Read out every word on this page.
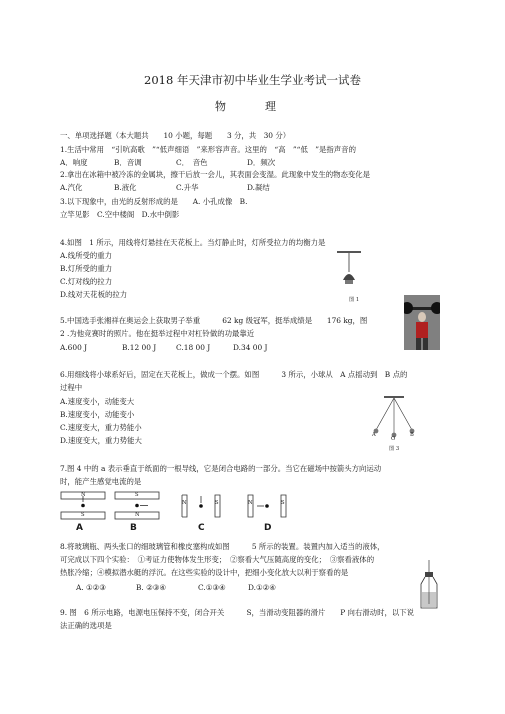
2018 年天津市初中毕业生学业考试一试卷
物　理
一、单项选择题（本大题共　　10 小题，每题　　3 分，共　30 分）
1.生活中常用　“引吭高歌　”“低声细语　”来形容声音。这里的　“高　”“低　”是指声音的
A．响度	B．音调	C．　音色	D．频次
2.拿出在冰箱中被冷冻的金属块，擦干后放一会儿，其表面会变湿。此现象中发生的物态变化是
A.汽化	B.液化	C.升华	D.凝结
3.以下现象中，由光的反射形成的是　　A. 小孔成像　B.
立竿见影　C.空中楼阁　D.水中倒影
4.如图　1 所示，用线将灯悬挂在天花板上。当灯静止时，灯所受拉力的均衡力是
A.线所受的重力
B.灯所受的重力
C.灯对线的拉力
D.线对天花板的拉力
图 1
5.中国选手张湘祥在奥运会上获取男子举重　　　62 kg 级冠军，挺举成绩是　　176 kg，图
2 .为他竞赛时的照片。他在挺举过程中对杠铃做的功最靠近
A.600 J	B.12 00 J	C.18 00 J	D.34 00 J
6.用细线将小球系好后，固定在天花板上，做成一个摆。如图　　　3 所示，小球从　A 点摇动到　B 点的
过程中
A.速度变小，动能变大
B.速度变小，动能变小
C.速度变大，重力势能小
D.速度变大，重力势能大
A
O
B
图 3
7.图 4 中的 a 表示垂直于纸面的一根导线，它是闭合电路的一部分。当它在磁场中按箭头方向运动
时，能产生感觉电流的是
N
S
S
N
N	S	N	S
A	B	C	D
8.将玻璃瓶、两头张口的细玻璃管和橡皮塞构成如图　　　5 所示的装置。装置内加入适当的液体，
可完成以下四个实验：　①考证力使物体发生形变；　②察看大气压随高度的变化；　③察看液体的
热胀冷缩；④模拟潜水艇的浮沉。在这些实验的设计中，把细小变化放大以利于察看的是
A. ①②③	B. ②③④	C.①③④	D.①②④
9. 图　6 所示电路，电源电压保持不变，闭合开关　　　S，当滑动变阻器的滑片　　P 向右滑动时，以下说
法正确的选项是
